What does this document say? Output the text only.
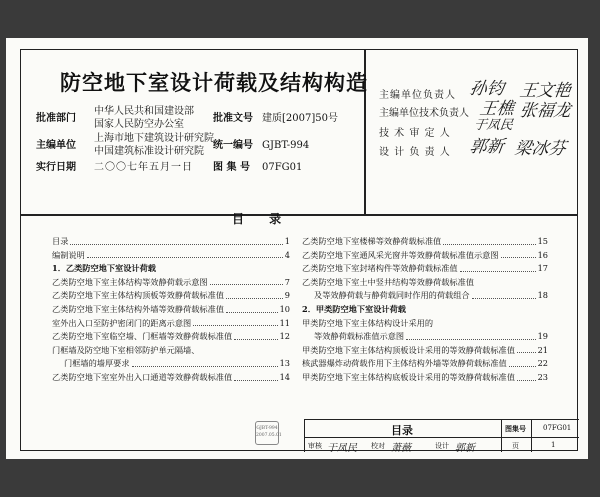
防空地下室设计荷载及结构构造
批准部门
中华人民共和国建设部
国家人民防空办公室
主编单位
上海市地下建筑设计研究院
中国建筑标准设计研究院
实行日期 二〇〇七年五月一日
批准文号 建质[2007]50号
统一编号 GJBT-994
图 集 号 07FG01
主编单位负责人 孙钧 王文艳
主编单位技术负责人 王樵 张福龙
技 术 审 定 人
于凤民
设 计 负 责 人 郭新 梁冰芬
目      录
目录	1
编制说明	4
1．乙类防空地下室设计荷载
乙类防空地下室主体结构等效静荷载示意图	7
乙类防空地下室主体结构顶板等效静荷载标准值	9
乙类防空地下室主体结构外墙等效静荷载标准值	10
室外出入口至防护密闭门的距离示意图	11
乙类防空地下室临空墙、门框墙等效静荷载标准值	12
门框墙及防空地下室相邻防护单元隔墙、
门框墙的墙厚要求	13
乙类防空地下室室外出入口通道等效静荷载标准值	14
乙类防空地下室楼梯等效静荷载标准值	15
乙类防空地下室通风采光窗井等效静荷载标准值示意图	16
乙类防空地下室封堵构件等效静荷载标准值	17
乙类防空地下室土中竖井结构等效静荷载标准值
及等效静荷载与静荷载同时作用的荷载组合	18
2．甲类防空地下室设计荷载
甲类防空地下室主体结构设计采用的
等效静荷载标准值示意图	19
甲类防空地下室主体结构顶板设计采用的等效静荷载标准值	21
核武器爆炸动荷载作用下主体结构外墙等效静荷载标准值	22
甲类防空地下室主体结构底板设计采用的等效静荷载标准值	23
GJBT-994
2007.05.01	目录	图集号 07FG01
审核 于凤民 校对 萧薇	设计 郭新	页	1
